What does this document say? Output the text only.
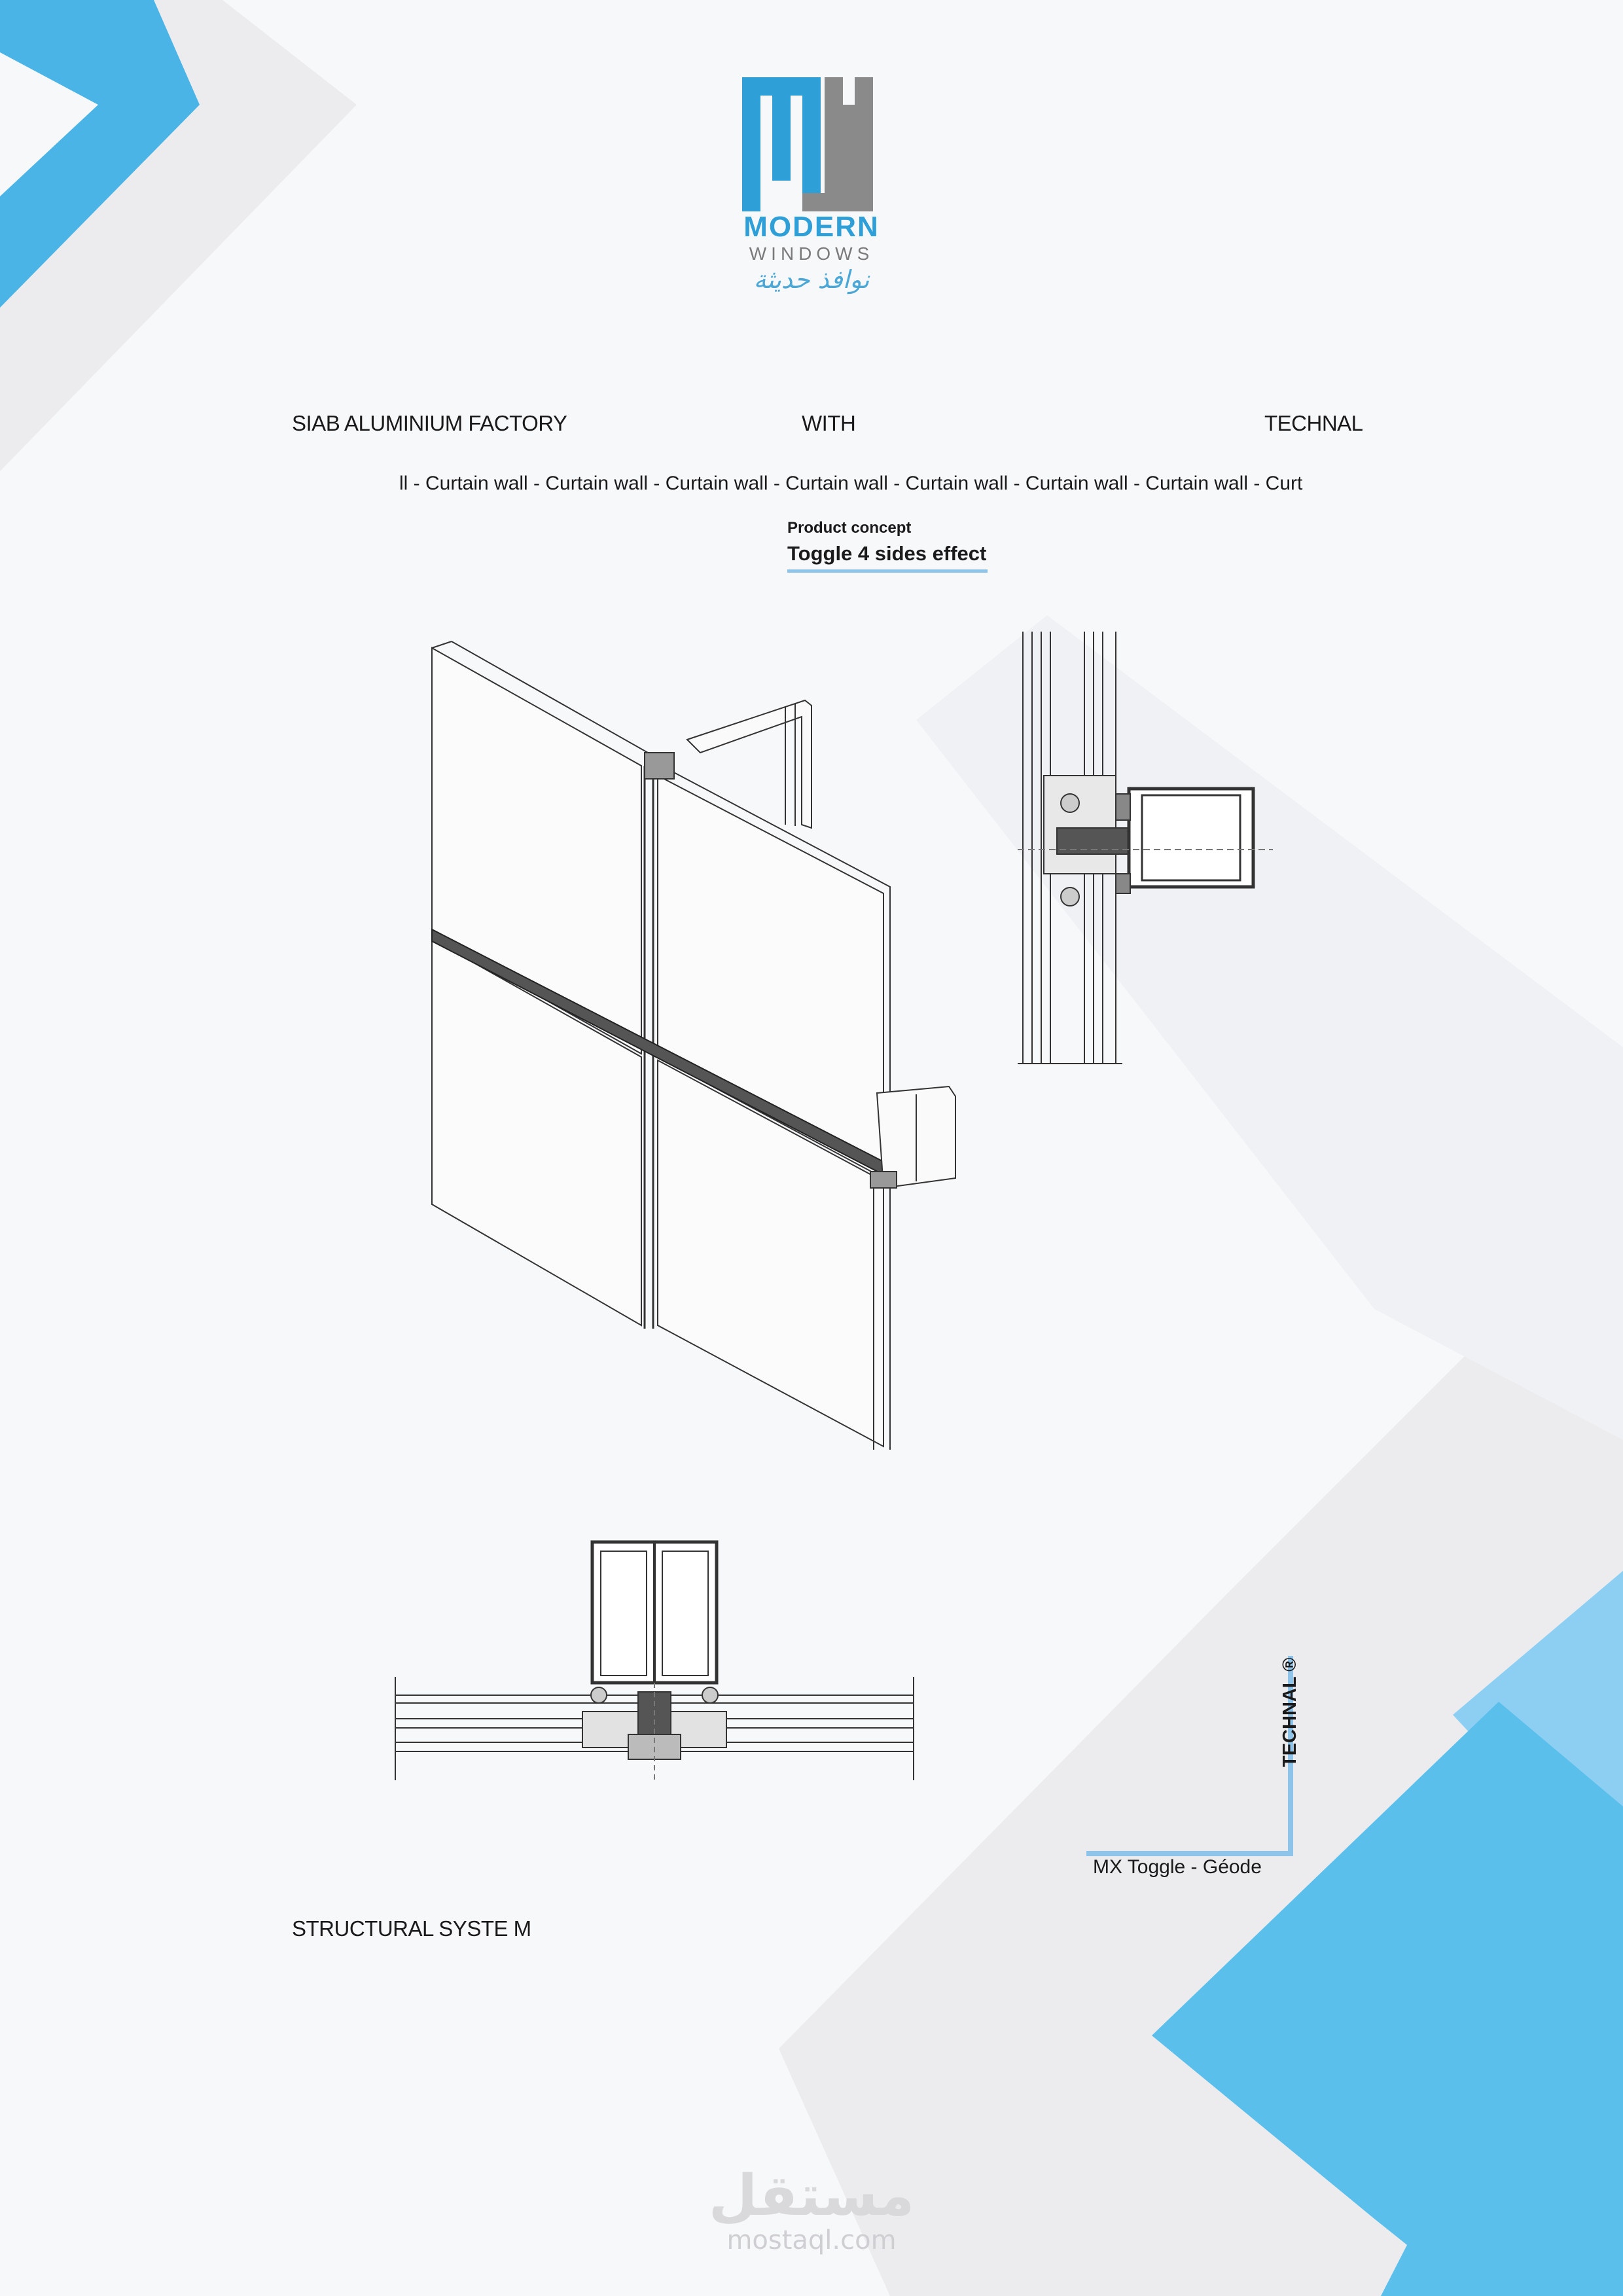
MODERN
WINDOWS
نوافذ حديثة
SIAB ALUMINIUM FACTORY	WITH	TECHNAL
ll - Curtain wall - Curtain wall - Curtain wall - Curtain wall - Curtain wall - Curtain wall - Curtain wall - Curt
Product concept
Toggle 4 sides effect
TECHNAL ®
MX Toggle - Géode
STRUCTURAL SYSTE M
مستقل
mostaql.com
